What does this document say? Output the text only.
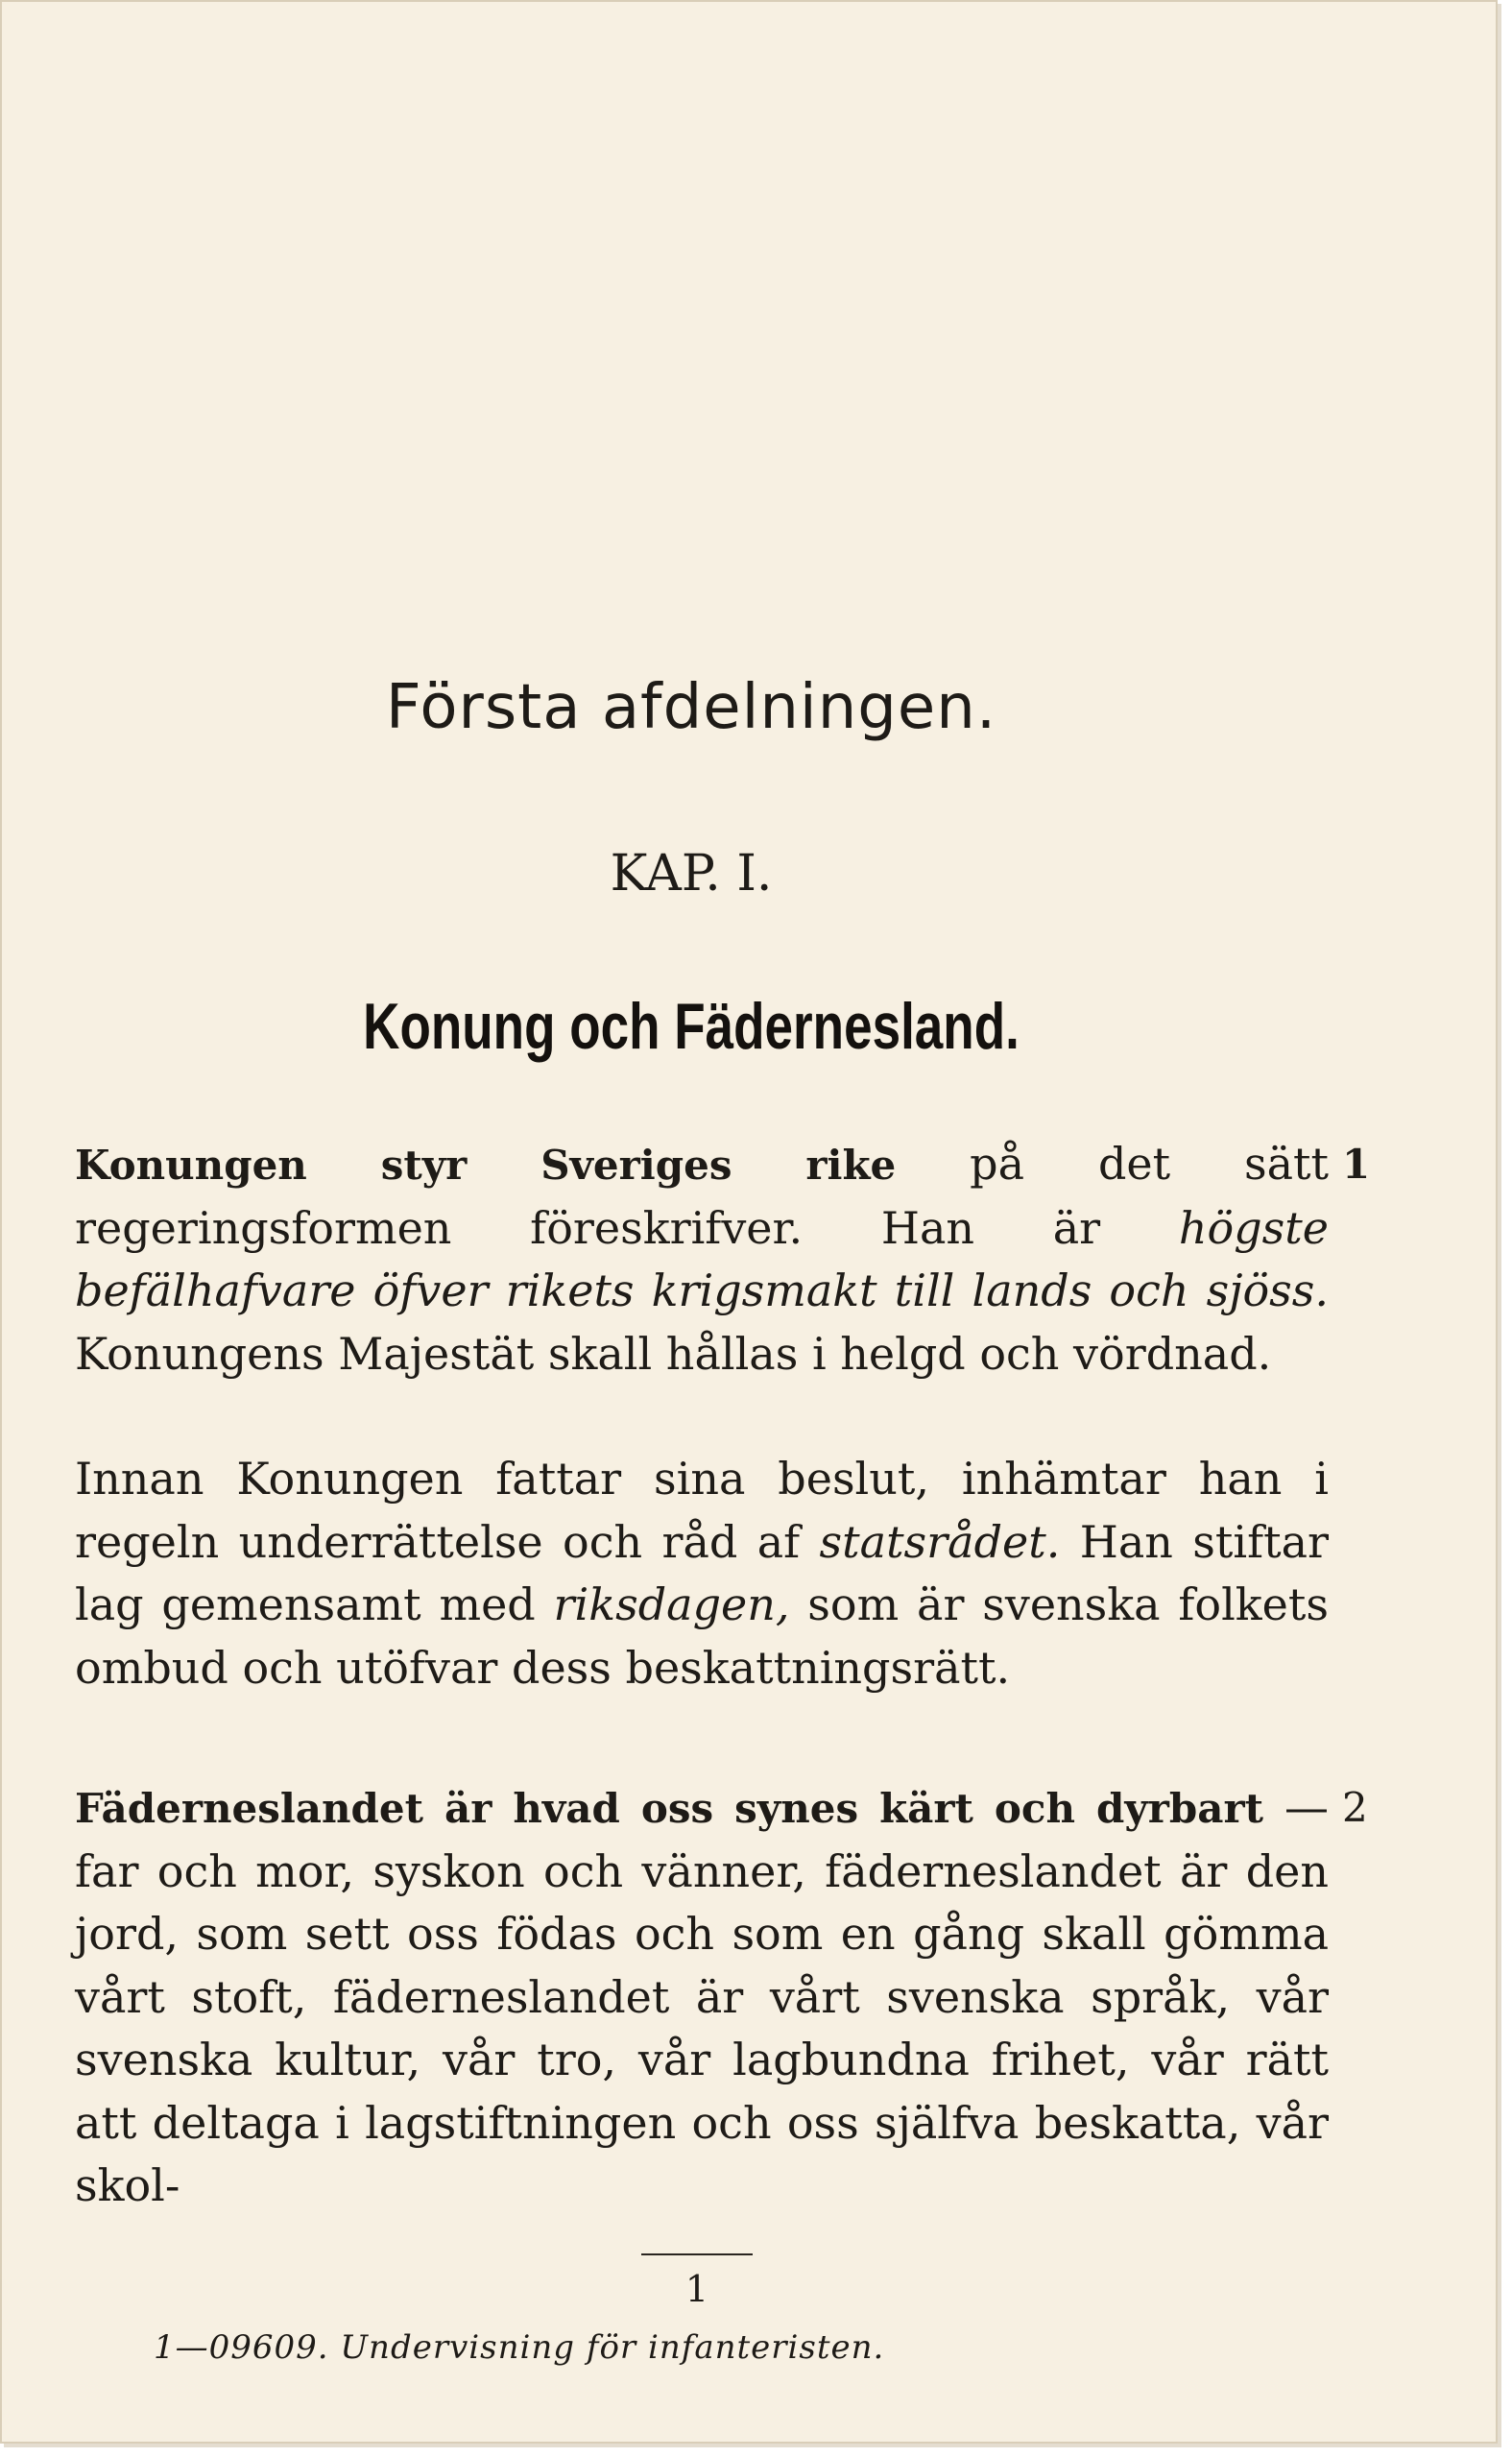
Första afdelningen.
KAP. I.
Konung och Fädernesland.
Konungen styr Sveriges rike på det sätt regeringsformen föreskrifver. Han är högste befälhafvare öfver rikets krigsmakt till lands och sjöss. Konungens Majestät skall hållas i helgd och vördnad.
1
Innan Konungen fattar sina beslut, inhämtar han i regeln underrättelse och råd af statsrådet. Han stiftar lag gemensamt med riksdagen, som är svenska folkets ombud och utöfvar dess beskattningsrätt.
Fäderneslandet är hvad oss synes kärt och dyrbart — far och mor, syskon och vänner, fäderneslandet är den jord, som sett oss födas och som en gång skall gömma vårt stoft, fäderneslandet är vårt svenska språk, vår svenska kultur, vår tro, vår lagbundna frihet, vår rätt att deltaga i lagstiftningen och oss själfva beskatta, vår skol-
2
1
1—09609. Undervisning för infanteristen.
